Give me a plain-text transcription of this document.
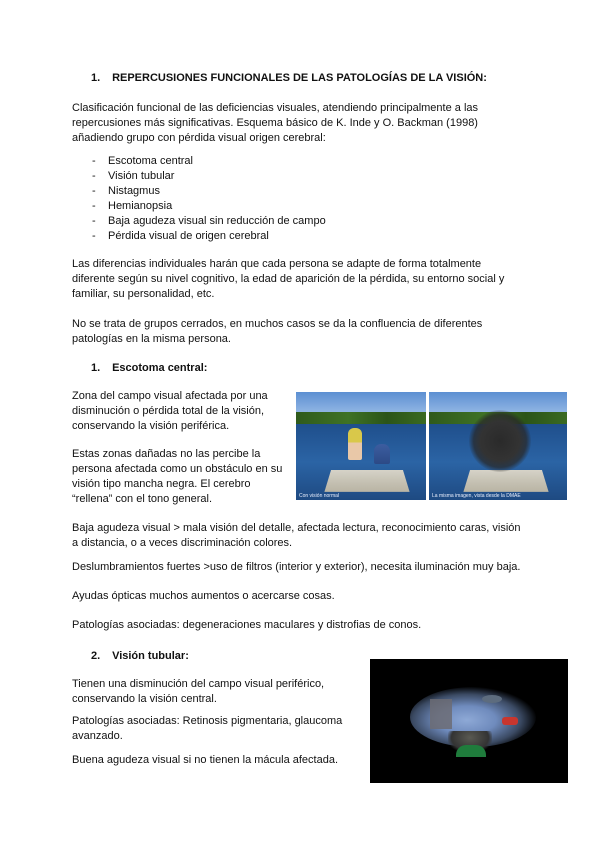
1. REPERCUSIONES FUNCIONALES DE LAS PATOLOGÍAS DE LA VISIÓN:

Clasificación funcional de las deficiencias visuales, atendiendo principalmente a las

repercusiones más significativas. Esquema básico de K. Inde y O. Backman (1998)

añadiendo grupo con pérdida visual origen cerebral:

- Escotoma central
- Visión tubular
- Nistagmus
- Hemianopsia
- Baja agudeza visual sin reducción de campo
- Pérdida visual de origen cerebral

Las diferencias individuales harán que cada persona se adapte de forma totalmente

diferente según su nivel cognitivo, la edad de aparición de la pérdida, su entorno social y

familiar, su personalidad, etc.

No se trata de grupos cerrados, en muchos casos se da la confluencia de diferentes

patologías en la misma persona.

1. Escotoma central:

Zona del campo visual afectada por una

disminución o pérdida total de la visión,

conservando la visión periférica.

Estas zonas dañadas no las percibe la

persona afectada como un obstáculo en su

visión tipo mancha negra. El cerebro

“rellena” con el tono general.	Con visión normal	La misma imagen, vista desde la DMAE

Baja agudeza visual > mala visión del detalle, afectada lectura, reconocimiento caras, visión

a distancia, o a veces discriminación colores.

Deslumbramientos fuertes >uso de filtros (interior y exterior), necesita iluminación muy baja.

Ayudas ópticas muchos aumentos o acercarse cosas.

Patologías asociadas: degeneraciones maculares y distrofias de conos.

2. Visión tubular:

Tienen una disminución del campo visual periférico,

conservando la visión central.

Patologías asociadas: Retinosis pigmentaria, glaucoma

avanzado.

Buena agudeza visual si no tienen la mácula afectada.
